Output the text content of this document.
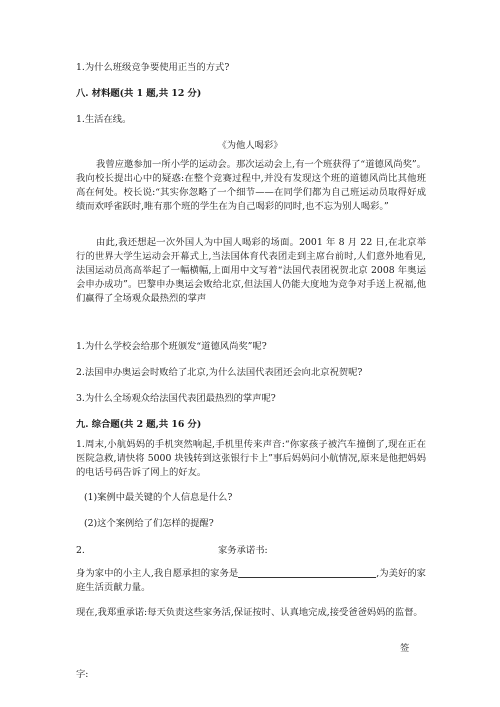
1.为什么班级竞争要使用正当的方式?
八. 材料题(共 1 题,共 12 分)
1.生活在线。
《为他人喝彩》
我曾应邀参加一所小学的运动会。那次运动会上,有一个班获得了“道德风尚奖”。我向校长提出心中的疑惑:在整个竞赛过程中,并没有发现这个班的道德风尚比其他班高在何处。校长说:“其实你忽略了一个细节——在同学们都为自己班运动员取得好成绩而欢呼雀跃时,唯有那个班的学生在为自己喝彩的同时,也不忘为别人喝彩。”
由此,我还想起一次外国人为中国人喝彩的场面。2001 年 8 月 22 日,在北京举行的世界大学生运动会开幕式上,当法国体育代表团走到主席台前时,人们意外地看见,法国运动员高高举起了一幅横幅,上面用中文写着“法国代表团祝贺北京 2008 年奥运会申办成功”。巴黎申办奥运会败给北京,但法国人仍能大度地为竞争对手送上祝福,他们赢得了全场观众最热烈的掌声
1.为什么学校会给那个班颁发“道德风尚奖”呢?
2.法国申办奥运会时败给了北京,为什么法国代表团还会向北京祝贺呢?
3.为什么全场观众给法国代表团最热烈的掌声呢?
九. 综合题(共 2 题,共 16 分)
1.周末,小航妈妈的手机突然响起,手机里传来声音:“你家孩子被汽车撞倒了,现在正在医院急救,请快将 5000 块钱转到这张银行卡上”事后妈妈问小航情况,原来是他把妈妈的电话号码告诉了网上的好友。
(1)案例中最关键的个人信息是什么?
(2)这个案例给了们怎样的提醒?
2.	家务承诺书:
身为家中的小主人,我自愿承担的家务是	,为美好的家庭生活贡献力量。
现在,我郑重承诺:每天负责这些家务活,保证按时、认真地完成,接受爸爸妈妈的监督。
签
字:
